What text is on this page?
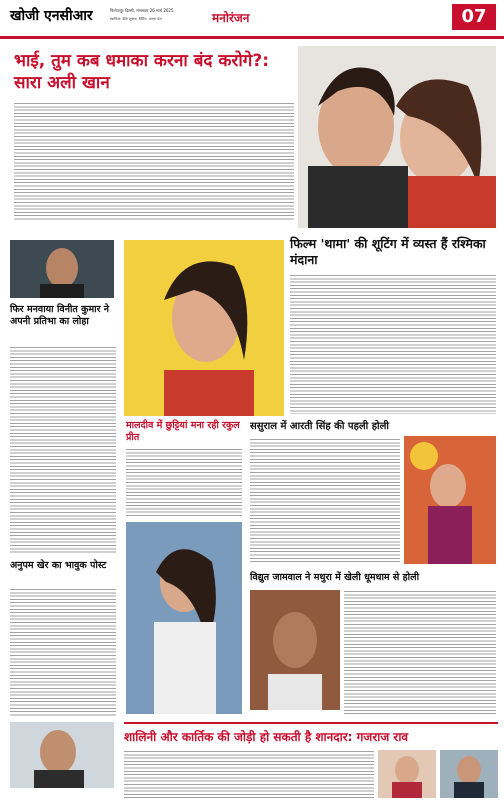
खोजी एनसीआर	फिरोजपुर दिल्ली, मंगलवार 26 मार्च 2025
स्वामित्व: डीके शुक्ला, प्रिंटिंग: अक्षरा प्रेस	मनोरंजन	07
भाई, तुम कब धमाका करना बंद करोगे?: सारा अली खान
फिर मनवाया विनीत कुमार ने अपनी प्रतिभा का लोहा
अनुपम खेर का भावुक पोस्ट
फिल्म 'थामा' की शूटिंग में व्यस्त हैं रश्मिका मंदाना
मालदीव में छुट्टियां मना रही रकुल प्रीत
ससुराल में आरती सिंह की पहली होली
विद्युत जामवाल ने मथुरा में खेली धूमधाम से होली
शालिनी और कार्तिक की जोड़ी हो सकती है शानदार: गजराज राव
